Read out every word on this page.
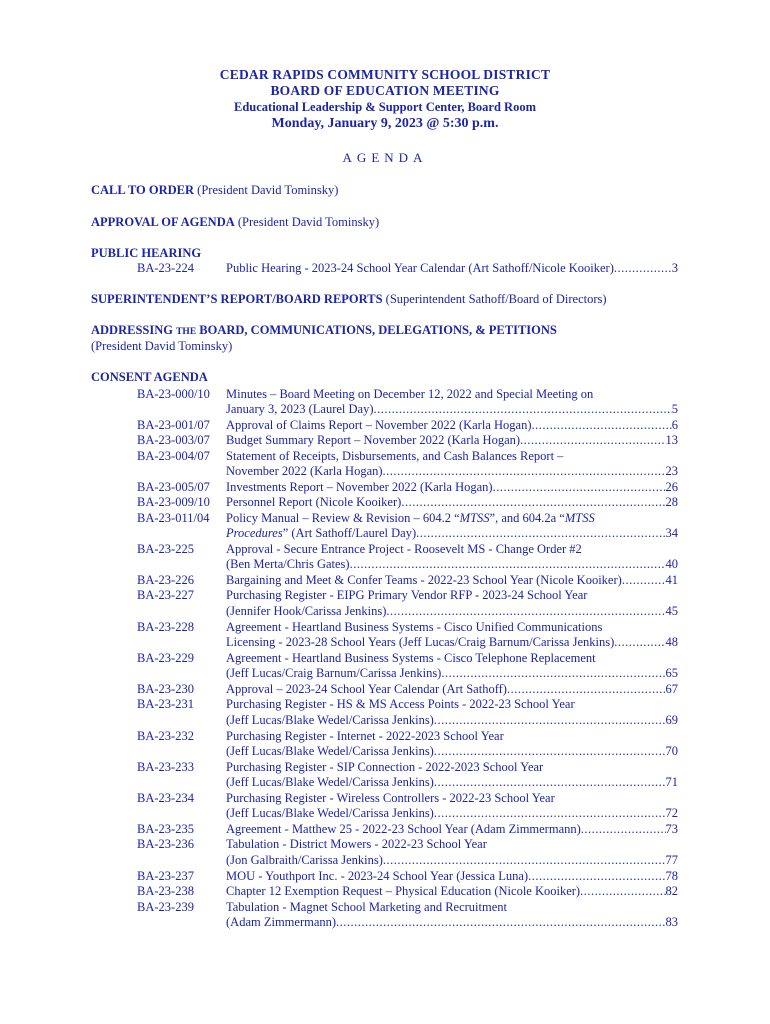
CEDAR RAPIDS COMMUNITY SCHOOL DISTRICT
BOARD OF EDUCATION MEETING
Educational Leadership & Support Center, Board Room
Monday, January 9, 2023 @ 5:30 p.m.
AGENDA
CALL TO ORDER (President David Tominsky)
APPROVAL OF AGENDA (President David Tominsky)
PUBLIC HEARING
BA-23-224	Public Hearing - 2023-24 School Year Calendar (Art Sathoff/Nicole Kooiker) .....	3
SUPERINTENDENT’S REPORT/BOARD REPORTS (Superintendent Sathoff/Board of Directors)
ADDRESSING THE BOARD, COMMUNICATIONS, DELEGATIONS, & PETITIONS
(President David Tominsky)
CONSENT AGENDA
BA-23-000/10 Minutes – Board Meeting on December 12, 2022 and Special Meeting on
January 3, 2023 (Laurel Day) .....	5
BA-23-001/07 Approval of Claims Report – November 2022 (Karla Hogan) .....	6
BA-23-003/07 Budget Summary Report – November 2022 (Karla Hogan) .....	13
BA-23-004/07 Statement of Receipts, Disbursements, and Cash Balances Report –
November 2022 (Karla Hogan) .....	23
BA-23-005/07 Investments Report – November 2022 (Karla Hogan) .....	26
BA-23-009/10 Personnel Report (Nicole Kooiker) .....	28
BA-23-011/04 Policy Manual – Review & Revision – 604.2 “MTSS”, and 604.2a “MTSS
Procedures” (Art Sathoff/Laurel Day) .....	34
BA-23-225	Approval - Secure Entrance Project - Roosevelt MS - Change Order #2
(Ben Merta/Chris Gates) .....	40
BA-23-226	Bargaining and Meet & Confer Teams - 2022-23 School Year (Nicole Kooiker) .....	41
BA-23-227	Purchasing Register - EIPG Primary Vendor RFP - 2023-24 School Year
(Jennifer Hook/Carissa Jenkins) .....	45
BA-23-228	Agreement - Heartland Business Systems - Cisco Unified Communications
Licensing - 2023-28 School Years (Jeff Lucas/Craig Barnum/Carissa Jenkins) .....	48
BA-23-229	Agreement - Heartland Business Systems - Cisco Telephone Replacement
(Jeff Lucas/Craig Barnum/Carissa Jenkins) .....	65
BA-23-230	Approval – 2023-24 School Year Calendar (Art Sathoff) .....	67
BA-23-231	Purchasing Register - HS & MS Access Points - 2022-23 School Year
(Jeff Lucas/Blake Wedel/Carissa Jenkins) .....	69
BA-23-232	Purchasing Register - Internet - 2022-2023 School Year
(Jeff Lucas/Blake Wedel/Carissa Jenkins) .....	70
BA-23-233	Purchasing Register - SIP Connection - 2022-2023 School Year
(Jeff Lucas/Blake Wedel/Carissa Jenkins) .....	71
BA-23-234	Purchasing Register - Wireless Controllers - 2022-23 School Year
(Jeff Lucas/Blake Wedel/Carissa Jenkins) .....	72
BA-23-235	Agreement - Matthew 25 - 2022-23 School Year (Adam Zimmermann) .....	73
BA-23-236	Tabulation - District Mowers - 2022-23 School Year
(Jon Galbraith/Carissa Jenkins) .....	77
BA-23-237	MOU - Youthport Inc. - 2023-24 School Year (Jessica Luna) .....	78
BA-23-238	Chapter 12 Exemption Request – Physical Education (Nicole Kooiker) .....	82
BA-23-239	Tabulation - Magnet School Marketing and Recruitment
(Adam Zimmermann) .....	83
